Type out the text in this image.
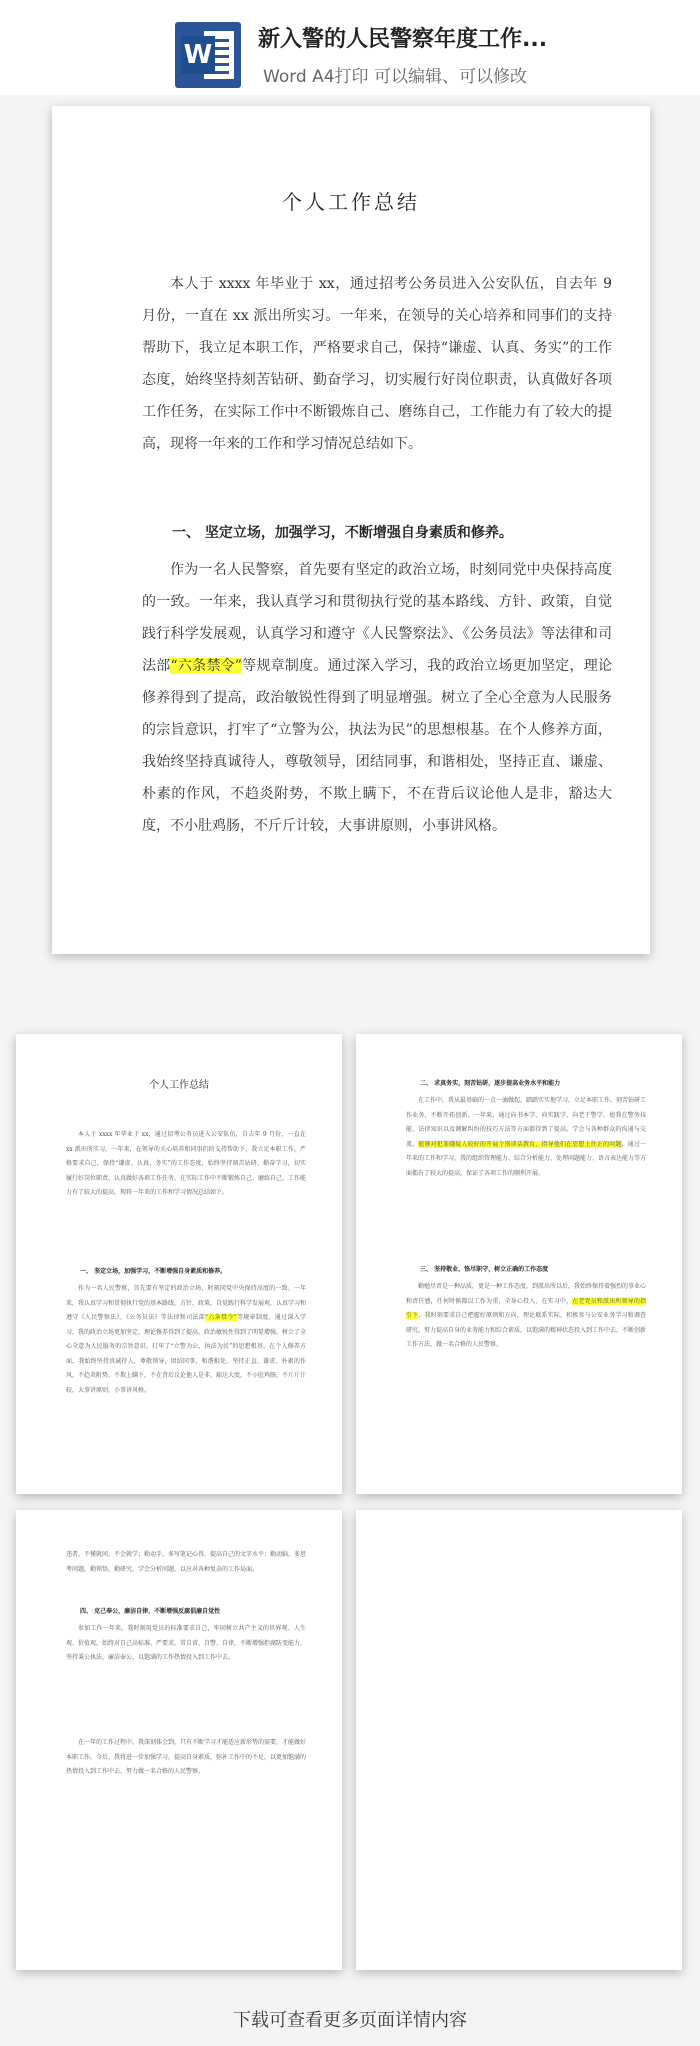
W
新入警的人民警察年度工作...
Word A4打印 可以编辑、可以修改
个人工作总结

本人于 xxxx 年毕业于 xx，通过招考公务员进入公安队伍，自去年 9 月份，一直在 xx 派出所实习。一年来，在领导的关心培养和同事们的支持帮助下，我立足本职工作，严格要求自己，保持“谦虚、认真、务实”的工作态度，始终坚持刻苦钻研、勤奋学习，切实履行好岗位职责，认真做好各项工作任务，在实际工作中不断锻炼自己、磨练自己，工作能力有了较大的提高，现将一年来的工作和学习情况总结如下。

一、 坚定立场，加强学习，不断增强自身素质和修养。

作为一名人民警察，首先要有坚定的政治立场，时刻同党中央保持高度的一致。一年来，我认真学习和贯彻执行党的基本路线、方针、政策，自觉践行科学发展观，认真学习和遵守《人民警察法》、《公务员法》等法律和司法部“六条禁令”等规章制度。通过深入学习，我的政治立场更加坚定，理论修养得到了提高，政治敏锐性得到了明显增强。树立了全心全意为人民服务的宗旨意识，打牢了“立警为公，执法为民”的思想根基。在个人修养方面，我始终坚持真诚待人，尊敬领导，团结同事，和谐相处，坚持正直、谦虚、朴素的作风，不趋炎附势，不欺上瞒下，不在背后议论他人是非，豁达大度，不小肚鸡肠，不斤斤计较，大事讲原则，小事讲风格。

个人工作总结

本人于 xxxx 年毕业于 xx，通过招考公务员进入公安队伍，自去年 9 月份，一直在 xx 派出所实习。一年来，在领导的关心培养和同事们的支持帮助下，我立足本职工作，严格要求自己，保持“谦虚、认真、务实”的工作态度，始终坚持刻苦钻研、勤奋学习，切实履行好岗位职责，认真做好各项工作任务，在实际工作中不断锻炼自己、磨练自己，工作能力有了较大的提高，现将一年来的工作和学习情况总结如下。

一、 坚定立场，加强学习，不断增强自身素质和修养。

作为一名人民警察，首先要有坚定的政治立场，时刻同党中央保持高度的一致。一年来，我认真学习和贯彻执行党的基本路线、方针、政策，自觉践行科学发展观，认真学习和遵守《人民警察法》、《公务员法》等法律和司法部“六条禁令”等规章制度。通过深入学习，我的政治立场更加坚定，理论修养得到了提高，政治敏锐性得到了明显增强。树立了全心全意为人民服务的宗旨意识，打牢了“立警为公，执法为民”的思想根基。在个人修养方面，我始终坚持真诚待人，尊敬领导，团结同事，和谐相处，坚持正直、谦虚、朴素的作风，不趋炎附势，不欺上瞒下，不在背后议论他人是非，豁达大度，不小肚鸡肠，不斤斤计较，大事讲原则，小事讲风格。

二、 求真务实，刻苦钻研，逐步提高业务水平和能力

在工作中，我从最基础的一点一滴做起，踏踏实实地学习，立足本职工作，刻苦钻研工作业务，不断开拓创新。一年来，通过向书本学、向实践学、向老干警学，使我在警务技能、法律知识以及调解纠纷的技巧方法等方面都得到了提高，学会与各种群众的沟通与交流。能够对犯罪嫌疑人较好的开展个别谈话教育，指导他们在思想上往正的问题，通过一年来的工作和学习，我的组织管理能力、综合分析能力、处理问题能力、语言表达能力等方面都有了较大的提高，保证了各项工作的顺利开展。

三、 坚持敬业，恪尽职守，树立正确的工作态度

勤勉尽责是一种品质，更是一种工作态度。到派出所以后，我始终保持着强烈的事业心和责任感，任何时候都以工作为重，全身心投入，在实习中，在老党员和派出所领导的指引下，我时刻要求自己把握好原则和方向，理论联系实际，积极参与公安业务学习和调查研究，努力提高自身的业务能力和综合素质，以饱满的精神状态投入到工作中去，不断创新工作方法，做一名合格的人民警察。

违者，不懂就问，不会就学；勤动手，多写笔记心得，提高自己的文字水平；勤动脑，多思考问题，勤领悟，勤研究，学会分析问题，以应对各种复杂的工作局面。

四、 克己奉公，廉洁自律，不断增强反腐倡廉自觉性

参加工作一年来，我时刻用党员的标准要求自己，牢固树立共产主义的世界观、人生观、价值观，始终对自己高标准、严要求，常自省、自警、自律，不断增强拒腐防变能力，坚持秉公执法，廉洁奉公，以饱满的工作热情投入到工作中去。

在一年的工作过程中，我深刻体会到，只有不断学习才能适应新形势的需要，才能做好本职工作。今后，我将进一步加强学习，提高自身素质，弥补工作中的不足，以更加饱满的热情投入到工作中去，努力做一名合格的人民警察。

下载可查看更多页面详情内容
